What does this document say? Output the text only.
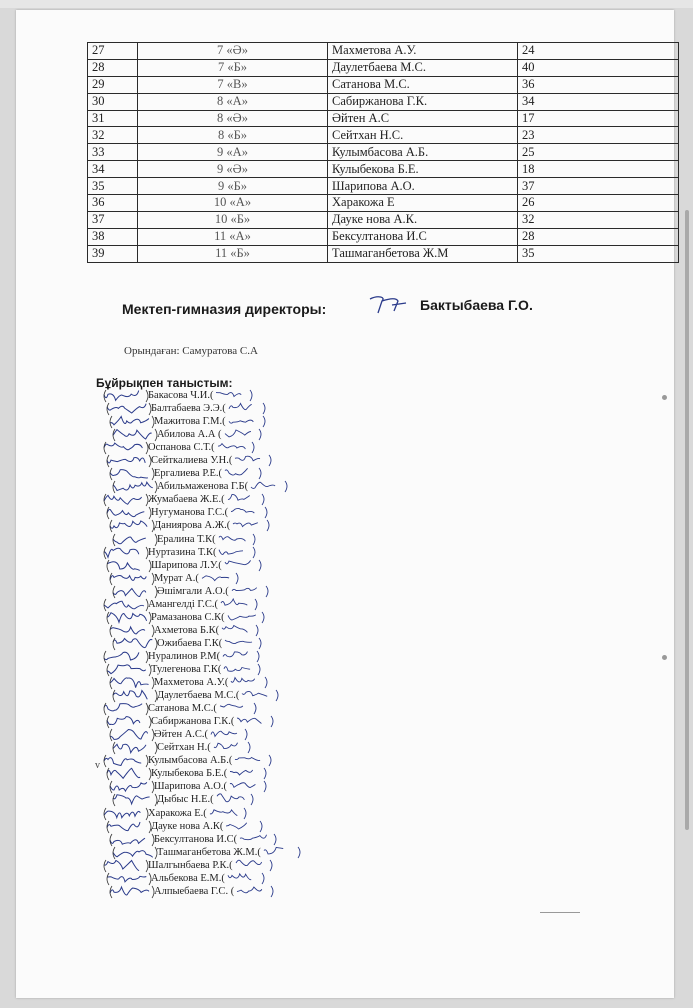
27	7 «Ә»	Махметова А.У.	24
28	7 «Б»	Даулетбаева М.С.	40
29	7 «В»	Сатанова М.С.	36
30	8 «А»	Сабиржанова Г.К.	34
31	8 «Ә»	Әйтен А.С	17
32	8 «Б»	Сейтхан Н.С.	23
33	9 «А»	Кулымбасова А.Б.	25
34	9 «Ә»	Кулыбекова Б.Е.	18
35	9 «Б»	Шарипова А.О.	37
36	10 «А»	Харакожа Е	26
37	10 «Б»	Дауке нова А.К.	32
38	11 «А»	Бексултанова И.С	28
39	11 «Б»	Ташмаганбетова Ж.М	35
Мектеп-гимназия директоры:	Бактыбаева Г.О.
Орындаған: Самуратова С.А
Бұйрықпен таныстым:
Бакасова Ч.И.(
Балтабаева Э.Э.(
Мажитова Г.М.(
Абилова А.А (
Оспанова С.Т.(
Сейткалиева У.Н.(
Ергалиева Р.Е.(
Абильмаженова Г.Б(
Жумабаева Ж.Е.(
Нугуманова Г.С.(
Даниярова А.Ж.(
Ералина Т.К(
Нуртазина Т.К(
Шарипова Л.У.(
Мурат А.(
Әшімгали А.О.(
Амангелді Г.С.(
Рамазанова С.К(
Ахметова Б.К(
Ожибаева Г.К(
Нуралинов Р.М(
Тулегенова Г.К(
Махметова А.У.(
Даулетбаева М.С.(
Сатанова М.С.(
Сабиржанова Г.К.(
Әйтен А.С.(
Сейтхан Н.(
Кулымбасова А.Б.(
Кулыбекова Б.Е.(
Шарипова А.О.(
Дыбыс Н.Е.(
Харакожа Е.(
Дауке нова А.К(
Бексултанова И.С(
Ташмаганбетова Ж.М.(
Шалгынбаева Р.К.(
Альбекова Е.М.(
Алпыебаева Г.С. (
v
